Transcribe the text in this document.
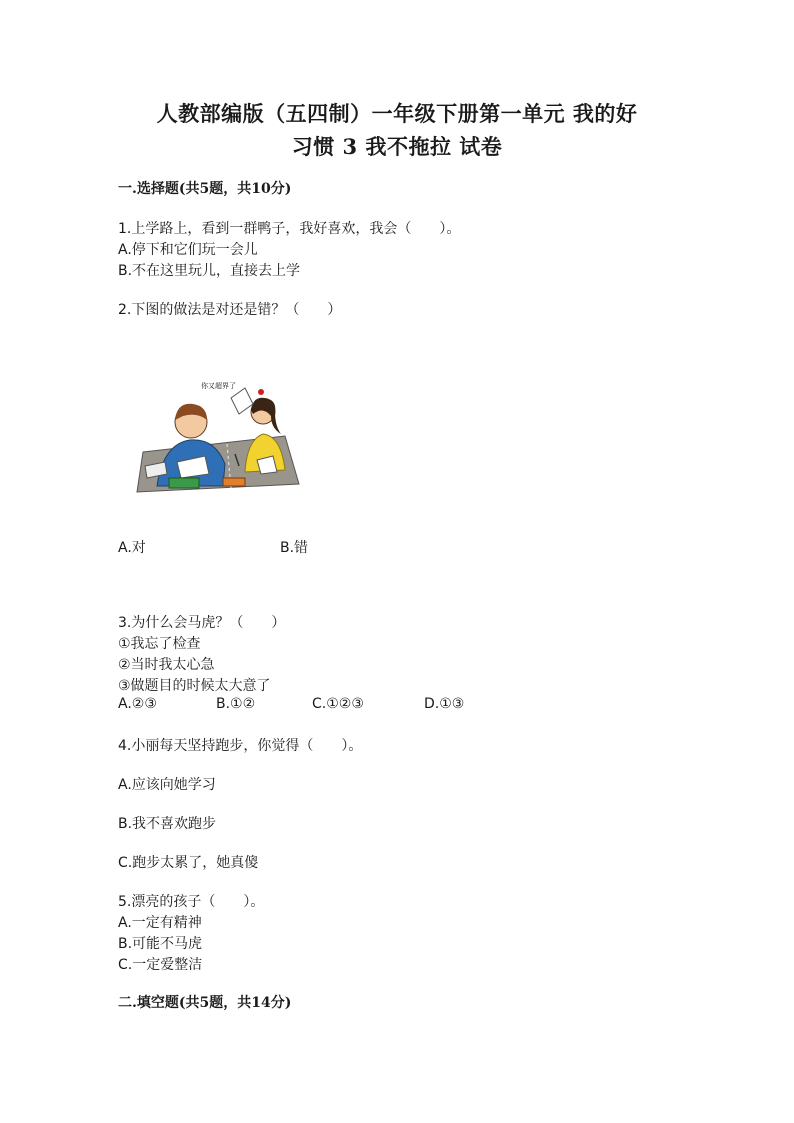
人教部编版（五四制）一年级下册第一单元 我的好
习惯 3 我不拖拉 试卷
一.选择题(共5题，共10分)
1.上学路上，看到一群鸭子，我好喜欢，我会（　　）。
A.停下和它们玩一会儿
B.不在这里玩儿，直接去上学
2.下图的做法是对还是错？（　　）
你又超界了
A.对	B.错
3.为什么会马虎？（　　）
①我忘了检查
②当时我太心急
③做题目的时候太大意了
A.②③	B.①②	C.①②③	D.①③
4.小丽每天坚持跑步，你觉得（　　）。
A.应该向她学习
B.我不喜欢跑步
C.跑步太累了，她真傻
5.漂亮的孩子（　　）。
A.一定有精神
B.可能不马虎
C.一定爱整洁
二.填空题(共5题，共14分)
